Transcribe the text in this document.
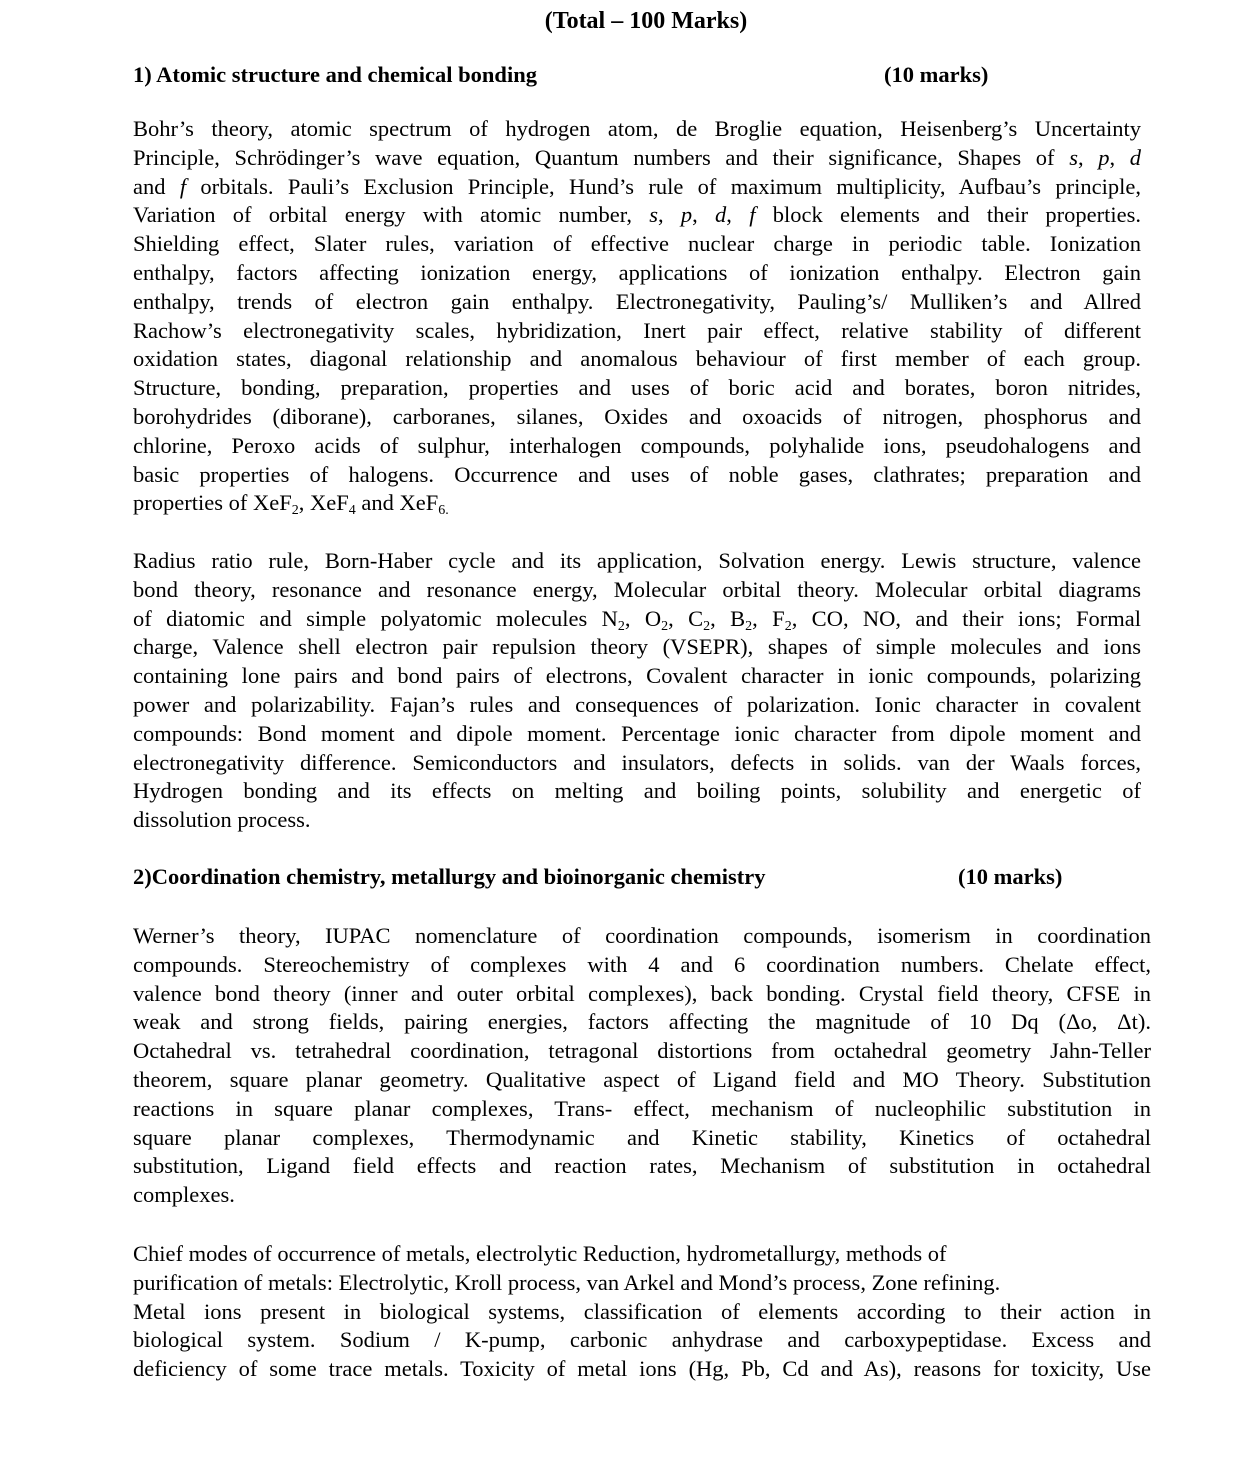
(Total – 100 Marks)
1) Atomic structure and chemical bonding	(10 marks)
Bohr’s theory, atomic spectrum of hydrogen atom, de Broglie equation, Heisenberg’s Uncertainty
Principle, Schrödinger’s wave equation, Quantum numbers and their significance, Shapes of s, p, d
and f orbitals. Pauli’s Exclusion Principle, Hund’s rule of maximum multiplicity, Aufbau’s principle,
Variation of orbital energy with atomic number, s, p, d, f block elements and their properties.
Shielding effect, Slater rules, variation of effective nuclear charge in periodic table. Ionization
enthalpy, factors affecting ionization energy, applications of ionization enthalpy. Electron gain
enthalpy, trends of electron gain enthalpy. Electronegativity, Pauling’s/ Mulliken’s and Allred
Rachow’s electronegativity scales, hybridization, Inert pair effect, relative stability of different
oxidation states, diagonal relationship and anomalous behaviour of first member of each group.
Structure, bonding, preparation, properties and uses of boric acid and borates, boron nitrides,
borohydrides (diborane), carboranes, silanes, Oxides and oxoacids of nitrogen, phosphorus and
chlorine, Peroxo acids of sulphur, interhalogen compounds, polyhalide ions, pseudohalogens and
basic properties of halogens. Occurrence and uses of noble gases, clathrates; preparation and
properties of XeF$_2$, XeF$_4$ and XeF$_{6.}$
Radius ratio rule, Born-Haber cycle and its application, Solvation energy. Lewis structure, valence
bond theory, resonance and resonance energy, Molecular orbital theory. Molecular orbital diagrams
of diatomic and simple polyatomic molecules $N_2$, $O_2$, $C_2$, $B_2$, $F_2$, CO, NO, and their ions; Formal
charge, Valence shell electron pair repulsion theory (VSEPR), shapes of simple molecules and ions
containing lone pairs and bond pairs of electrons, Covalent character in ionic compounds, polarizing
power and polarizability. Fajan’s rules and consequences of polarization. Ionic character in covalent
compounds: Bond moment and dipole moment. Percentage ionic character from dipole moment and
electronegativity difference. Semiconductors and insulators, defects in solids. van der Waals forces,
Hydrogen bonding and its effects on melting and boiling points, solubility and energetic of
dissolution process.
2)Coordination chemistry, metallurgy and bioinorganic chemistry	(10 marks)
Werner’s theory, IUPAC nomenclature of coordination compounds, isomerism in coordination
compounds. Stereochemistry of complexes with 4 and 6 coordination numbers. Chelate effect,
valence bond theory (inner and outer orbital complexes), back bonding. Crystal field theory, CFSE in
weak and strong fields, pairing energies, factors affecting the magnitude of 10 Dq (Δo, Δt).
Octahedral vs. tetrahedral coordination, tetragonal distortions from octahedral geometry Jahn-Teller
theorem, square planar geometry. Qualitative aspect of Ligand field and MO Theory. Substitution
reactions in square planar complexes, Trans- effect, mechanism of nucleophilic substitution in
square planar complexes, Thermodynamic and Kinetic stability, Kinetics of octahedral
substitution, Ligand field effects and reaction rates, Mechanism of substitution in octahedral
complexes.
Chief modes of occurrence of metals, electrolytic Reduction, hydrometallurgy, methods of
purification of metals: Electrolytic, Kroll process, van Arkel and Mond’s process, Zone refining.
Metal ions present in biological systems, classification of elements according to their action in
biological system. Sodium / K-pump, carbonic anhydrase and carboxypeptidase. Excess and
deficiency of some trace metals. Toxicity of metal ions (Hg, Pb, Cd and As), reasons for toxicity, Use
